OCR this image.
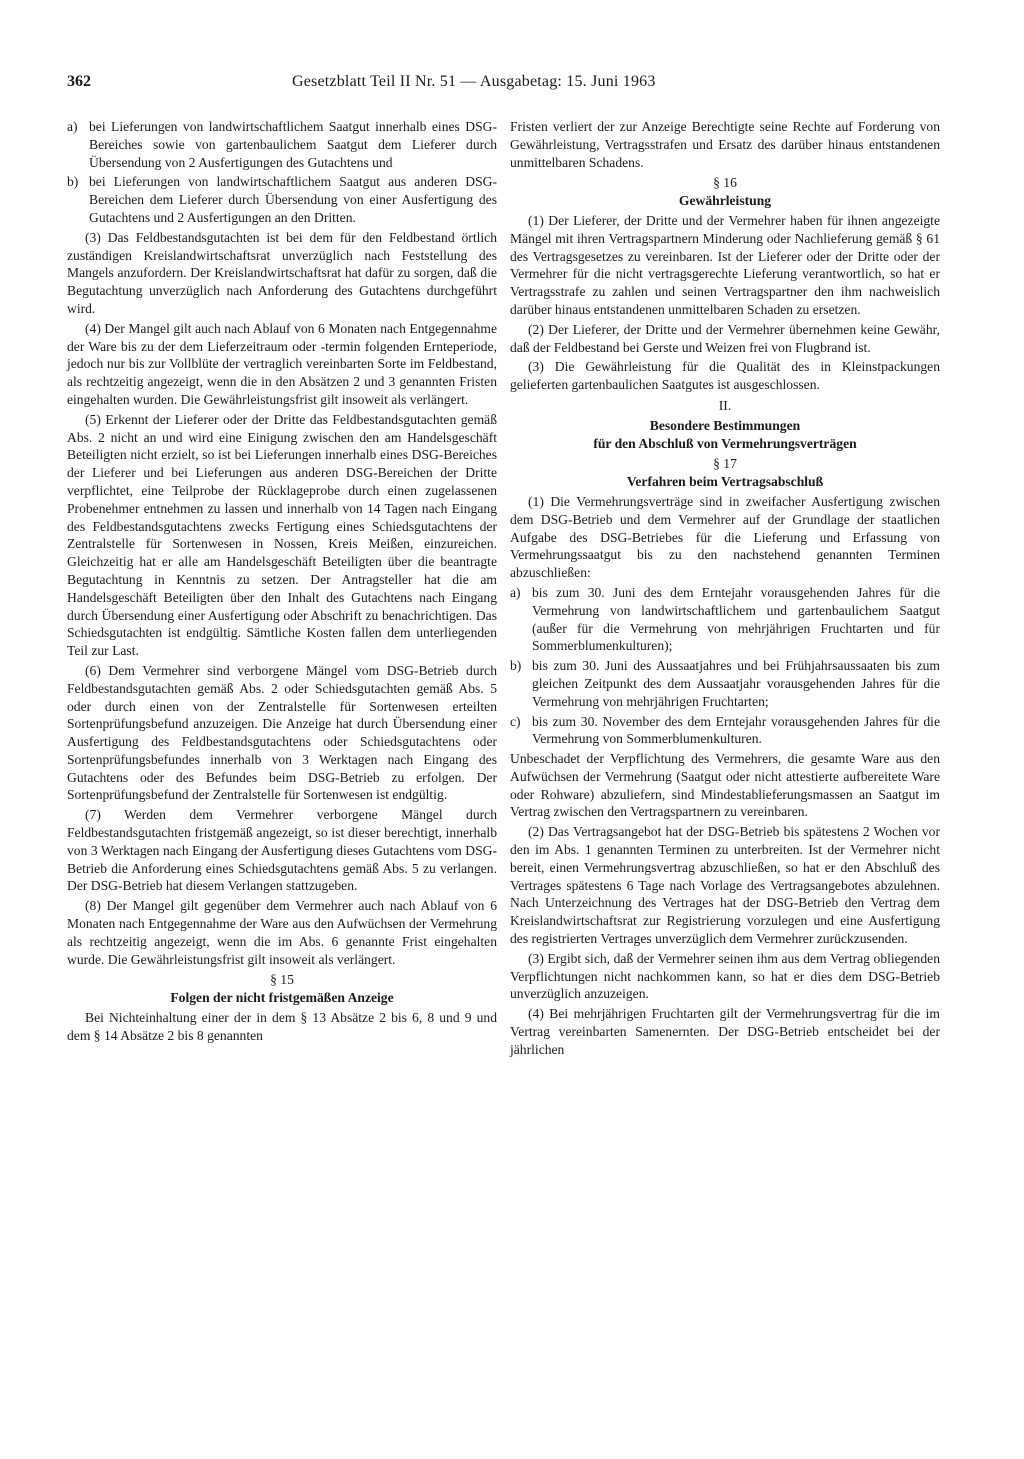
362	Gesetzblatt Teil II Nr. 51 — Ausgabetag: 15. Juni 1963
a) bei Lieferungen von landwirtschaftlichem Saatgut innerhalb eines DSG-Bereiches sowie von gartenbaulichem Saatgut dem Lieferer durch Übersendung von 2 Ausfertigungen des Gutachtens und
b) bei Lieferungen von landwirtschaftlichem Saatgut aus anderen DSG-Bereichen dem Lieferer durch Übersendung von einer Ausfertigung des Gutachtens und 2 Ausfertigungen an den Dritten.

(3) Das Feldbestandsgutachten ist bei dem für den Feldbestand örtlich zuständigen Kreislandwirtschaftsrat unverzüglich nach Feststellung des Mangels anzufordern. Der Kreislandwirtschaftsrat hat dafür zu sorgen, daß die Begutachtung unverzüglich nach Anforderung des Gutachtens durchgeführt wird.

(4) Der Mangel gilt auch nach Ablauf von 6 Monaten nach Entgegennahme der Ware bis zu der dem Lieferzeitraum oder -termin folgenden Ernteperiode, jedoch nur bis zur Vollblüte der vertraglich vereinbarten Sorte im Feldbestand, als rechtzeitig angezeigt, wenn die in den Absätzen 2 und 3 genannten Fristen eingehalten wurden. Die Gewährleistungsfrist gilt insoweit als verlängert.

(5) Erkennt der Lieferer oder der Dritte das Feldbestandsgutachten gemäß Abs. 2 nicht an und wird eine Einigung zwischen den am Handelsgeschäft Beteiligten nicht erzielt, so ist bei Lieferungen innerhalb eines DSG-Bereiches der Lieferer und bei Lieferungen aus anderen DSG-Bereichen der Dritte verpflichtet, eine Teilprobe der Rücklageprobe durch einen zugelassenen Probenehmer entnehmen zu lassen und innerhalb von 14 Tagen nach Eingang des Feldbestandsgutachtens zwecks Fertigung eines Schiedsgutachtens der Zentralstelle für Sortenwesen in Nossen, Kreis Meißen, einzureichen. Gleichzeitig hat er alle am Handelsgeschäft Beteiligten über die beantragte Begutachtung in Kenntnis zu setzen. Der Antragsteller hat die am Handelsgeschäft Beteiligten über den Inhalt des Gutachtens nach Eingang durch Übersendung einer Ausfertigung oder Abschrift zu benachrichtigen. Das Schiedsgutachten ist endgültig. Sämtliche Kosten fallen dem unterliegenden Teil zur Last.

(6) Dem Vermehrer sind verborgene Mängel vom DSG-Betrieb durch Feldbestandsgutachten gemäß Abs. 2 oder Schiedsgutachten gemäß Abs. 5 oder durch einen von der Zentralstelle für Sortenwesen erteilten Sortenprüfungsbefund anzuzeigen. Die Anzeige hat durch Übersendung einer Ausfertigung des Feldbestandsgutachtens oder Schiedsgutachtens oder Sortenprüfungsbefundes innerhalb von 3 Werktagen nach Eingang des Gutachtens oder des Befundes beim DSG-Betrieb zu erfolgen. Der Sortenprüfungsbefund der Zentralstelle für Sortenwesen ist endgültig.

(7) Werden dem Vermehrer verborgene Mängel durch Feldbestandsgutachten fristgemäß angezeigt, so ist dieser berechtigt, innerhalb von 3 Werktagen nach Eingang der Ausfertigung dieses Gutachtens vom DSG-Betrieb die Anforderung eines Schiedsgutachtens gemäß Abs. 5 zu verlangen. Der DSG-Betrieb hat diesem Verlangen stattzugeben.

(8) Der Mangel gilt gegenüber dem Vermehrer auch nach Ablauf von 6 Monaten nach Entgegennahme der Ware aus den Aufwüchsen der Vermehrung als rechtzeitig angezeigt, wenn die im Abs. 6 genannte Frist eingehalten wurde. Die Gewährleistungsfrist gilt insoweit als verlängert.

§ 15
Folgen der nicht fristgemäßen Anzeige

Bei Nichteinhaltung einer der in dem § 13 Absätze 2 bis 6, 8 und 9 und dem § 14 Absätze 2 bis 8 genannten

Fristen verliert der zur Anzeige Berechtigte seine Rechte auf Forderung von Gewährleistung, Vertragsstrafen und Ersatz des darüber hinaus entstandenen unmittelbaren Schadens.

§ 16
Gewährleistung

(1) Der Lieferer, der Dritte und der Vermehrer haben für ihnen angezeigte Mängel mit ihren Vertragspartnern Minderung oder Nachlieferung gemäß § 61 des Vertragsgesetzes zu vereinbaren. Ist der Lieferer oder der Dritte oder der Vermehrer für die nicht vertragsgerechte Lieferung verantwortlich, so hat er Vertragsstrafe zu zahlen und seinen Vertragspartner den ihm nachweislich darüber hinaus entstandenen unmittelbaren Schaden zu ersetzen.

(2) Der Lieferer, der Dritte und der Vermehrer übernehmen keine Gewähr, daß der Feldbestand bei Gerste und Weizen frei von Flugbrand ist.

(3) Die Gewährleistung für die Qualität des in Kleinstpackungen gelieferten gartenbaulichen Saatgutes ist ausgeschlossen.

II.
Besondere Bestimmungen
für den Abschluß von Vermehrungsverträgen
§ 17
Verfahren beim Vertragsabschluß

(1) Die Vermehrungsverträge sind in zweifacher Ausfertigung zwischen dem DSG-Betrieb und dem Vermehrer auf der Grundlage der staatlichen Aufgabe des DSG-Betriebes für die Lieferung und Erfassung von Vermehrungssaatgut bis zu den nachstehend genannten Terminen abzuschließen:

a) bis zum 30. Juni des dem Erntejahr vorausgehenden Jahres für die Vermehrung von landwirtschaftlichem und gartenbaulichem Saatgut (außer für die Vermehrung von mehrjährigen Fruchtarten und für Sommerblumenkulturen);
b) bis zum 30. Juni des Aussaatjahres und bei Frühjahrsaussaaten bis zum gleichen Zeitpunkt des dem Aussaatjahr vorausgehenden Jahres für die Vermehrung von mehrjährigen Fruchtarten;
c) bis zum 30. November des dem Erntejahr vorausgehenden Jahres für die Vermehrung von Sommerblumenkulturen.

Unbeschadet der Verpflichtung des Vermehrers, die gesamte Ware aus den Aufwüchsen der Vermehrung (Saatgut oder nicht attestierte aufbereitete Ware oder Rohware) abzuliefern, sind Mindestablieferungsmassen an Saatgut im Vertrag zwischen den Vertragspartnern zu vereinbaren.

(2) Das Vertragsangebot hat der DSG-Betrieb bis spätestens 2 Wochen vor den im Abs. 1 genannten Terminen zu unterbreiten. Ist der Vermehrer nicht bereit, einen Vermehrungsvertrag abzuschließen, so hat er den Abschluß des Vertrages spätestens 6 Tage nach Vorlage des Vertragsangebotes abzulehnen. Nach Unterzeichnung des Vertrages hat der DSG-Betrieb den Vertrag dem Kreislandwirtschaftsrat zur Registrierung vorzulegen und eine Ausfertigung des registrierten Vertrages unverzüglich dem Vermehrer zurückzusenden.

(3) Ergibt sich, daß der Vermehrer seinen ihm aus dem Vertrag obliegenden Verpflichtungen nicht nachkommen kann, so hat er dies dem DSG-Betrieb unverzüglich anzuzeigen.

(4) Bei mehrjährigen Fruchtarten gilt der Vermehrungsvertrag für die im Vertrag vereinbarten Samenernten. Der DSG-Betrieb entscheidet bei der jährlichen
